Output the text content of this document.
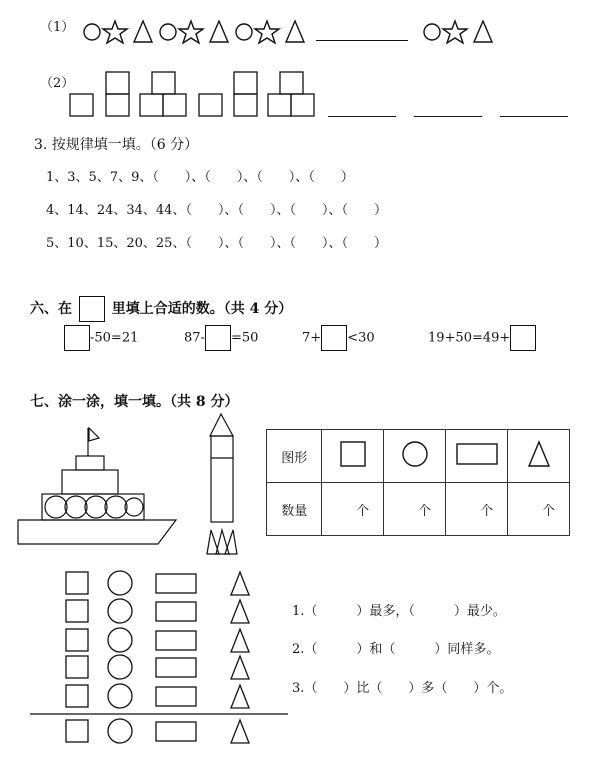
（1）
（2）
3. 按规律填一填。（6 分）
1、3、5、7、9、（　　）、（　　）、（　　）、（　　）
4、14、24、34、44、（　　）、（　　）、（　　）、（　　）
5、10、15、20、25、（　　）、（　　）、（　　）、（　　）
六、在	里填上合适的数。（共 4 分）
-50=21	87- =50	7+ <30	19+50=49+
七、涂一涂，填一填。（共 8 分）
图形				
数量	个	个	个	个
1.（　　　）最多，（　　　）最少。
2.（　　　）和（　　　）同样多。
3.（　　）比（　　）多（　　）个。
